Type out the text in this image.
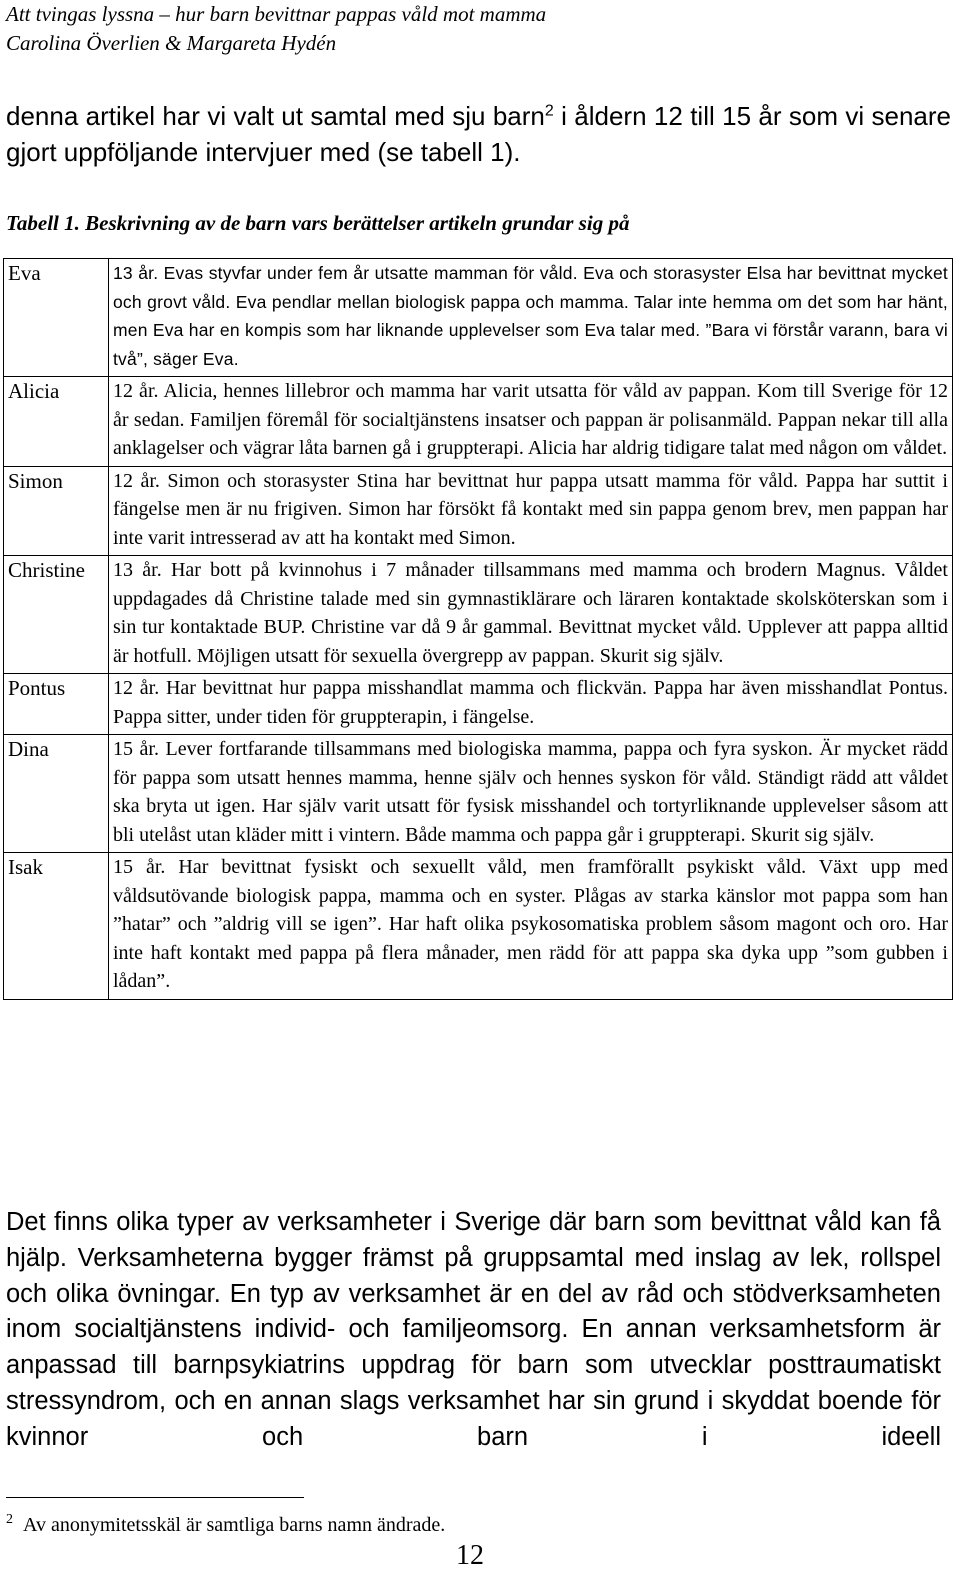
Att tvingas lyssna – hur barn bevittnar pappas våld mot mamma
Carolina Överlien & Margareta Hydén
denna artikel har vi valt ut samtal med sju barn$^2$ i åldern 12 till 15 år som vi senare gjort uppföljande intervjuer med (se tabell 1).
Tabell 1. Beskrivning av de barn vars berättelser artikeln grundar sig på
Eva	13 år. Evas styvfar under fem år utsatte mamman för våld. Eva och storasyster Elsa har bevittnat mycket och grovt våld. Eva pendlar mellan biologisk pappa och mamma. Talar inte hemma om det som har hänt, men Eva har en kompis som har liknande upplevelser som Eva talar med. ”Bara vi förstår varann, bara vi två”, säger Eva.
Alicia	12 år. Alicia, hennes lillebror och mamma har varit utsatta för våld av pappan. Kom till Sverige för 12 år sedan. Familjen föremål för socialtjänstens insatser och pappan är polisanmäld. Pappan nekar till alla anklagelser och vägrar låta barnen gå i gruppterapi. Alicia har aldrig tidigare talat med någon om våldet.
Simon	12 år. Simon och storasyster Stina har bevittnat hur pappa utsatt mamma för våld. Pappa har suttit i fängelse men är nu frigiven. Simon har försökt få kontakt med sin pappa genom brev, men pappan har inte varit intresserad av att ha kontakt med Simon.
Christine	13 år. Har bott på kvinnohus i 7 månader tillsammans med mamma och brodern Magnus. Våldet uppdagades då Christine talade med sin gymnastiklärare och läraren kontaktade skolsköterskan som i sin tur kontaktade BUP. Christine var då 9 år gammal. Bevittnat mycket våld. Upplever att pappa alltid är hotfull. Möjligen utsatt för sexuella övergrepp av pappan. Skurit sig själv.
Pontus	12 år. Har bevittnat hur pappa misshandlat mamma och flickvän. Pappa har även misshandlat Pontus. Pappa sitter, under tiden för gruppterapin, i fängelse.
Dina	15 år. Lever fortfarande tillsammans med biologiska mamma, pappa och fyra syskon. Är mycket rädd för pappa som utsatt hennes mamma, henne själv och hennes syskon för våld. Ständigt rädd att våldet ska bryta ut igen. Har själv varit utsatt för fysisk misshandel och tortyrliknande upplevelser såsom att bli utelåst utan kläder mitt i vintern. Både mamma och pappa går i gruppterapi. Skurit sig själv.
Isak	15 år. Har bevittnat fysiskt och sexuellt våld, men framförallt psykiskt våld. Växt upp med våldsutövande biologisk pappa, mamma och en syster. Plågas av starka känslor mot pappa som han ”hatar” och ”aldrig vill se igen”. Har haft olika psykosomatiska problem såsom magont och oro. Har inte haft kontakt med pappa på flera månader, men rädd för att pappa ska dyka upp ”som gubben i lådan”.
Det finns olika typer av verksamheter i Sverige där barn som bevittnat våld kan få hjälp. Verksamheterna bygger främst på gruppsamtal med inslag av lek, rollspel och olika övningar. En typ av verksamhet är en del av råd och stödverksamheten inom socialtjänstens individ- och familjeomsorg. En annan verksamhetsform är anpassad till barnpsykiatrins uppdrag för barn som utvecklar posttraumatiskt stressyndrom, och en annan slags verksamhet har sin grund i skyddat boende för kvinnor och barn i ideell
$^2$ Av anonymitetsskäl är samtliga barns namn ändrade.
12
